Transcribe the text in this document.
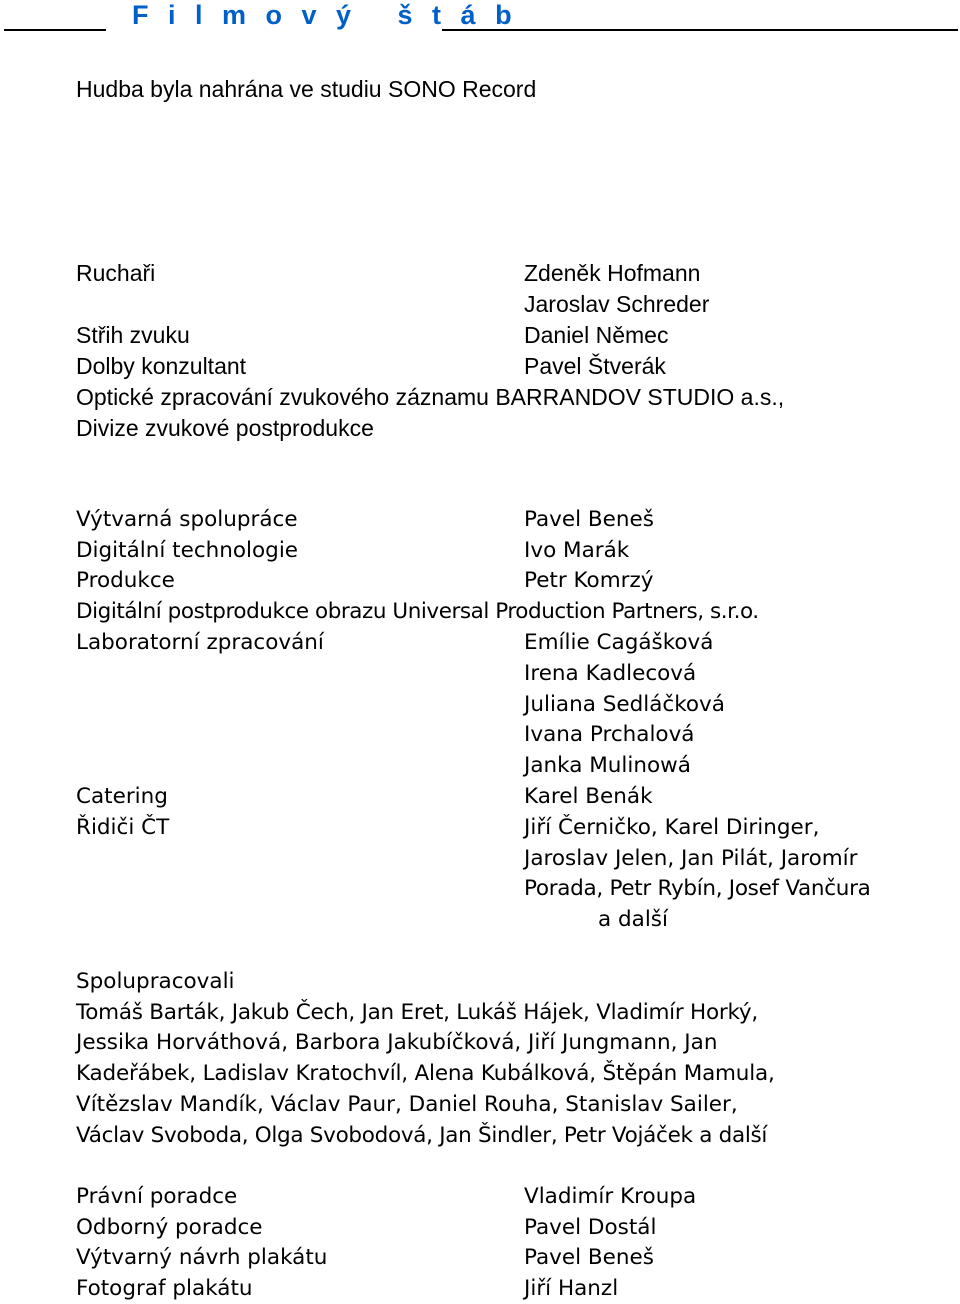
F i l m o v ý   š t á b
Hudba byla nahrána ve studiu SONO Record
Ruchaři	Zdeněk Hofmann
Jaroslav Schreder
Střih zvuku	Daniel Němec
Dolby konzultant	Pavel Štverák
Optické zpracování zvukového záznamu BARRANDOV STUDIO a.s.,
Divize zvukové postprodukce
Výtvarná spolupráce	Pavel Beneš
Digitální technologie	Ivo Marák
Produkce	Petr Komrzý
Digitální postprodukce obrazu Universal Production Partners, s.r.o.
Laboratorní zpracování	Emílie Cagášková
Irena Kadlecová
Juliana Sedláčková
Ivana Prchalová
Janka Mulinowá
Catering	Karel Benák
Řidiči ČT	Jiří Černičko, Karel Diringer,
Jaroslav Jelen, Jan Pilát, Jaromír
Porada, Petr Rybín, Josef Vančura
a další
Spolupracovali
Tomáš Barták, Jakub Čech, Jan Eret, Lukáš Hájek, Vladimír Horký,
Jessika Horváthová, Barbora Jakubíčková, Jiří Jungmann, Jan
Kadeřábek, Ladislav Kratochvíl, Alena Kubálková, Štěpán Mamula,
Vítězslav Mandík, Václav Paur, Daniel Rouha, Stanislav Sailer,
Václav Svoboda, Olga Svobodová, Jan Šindler, Petr Vojáček a další
Právní poradce	Vladimír Kroupa
Odborný poradce	Pavel Dostál
Výtvarný návrh plakátu	Pavel Beneš
Fotograf plakátu	Jiří Hanzl
